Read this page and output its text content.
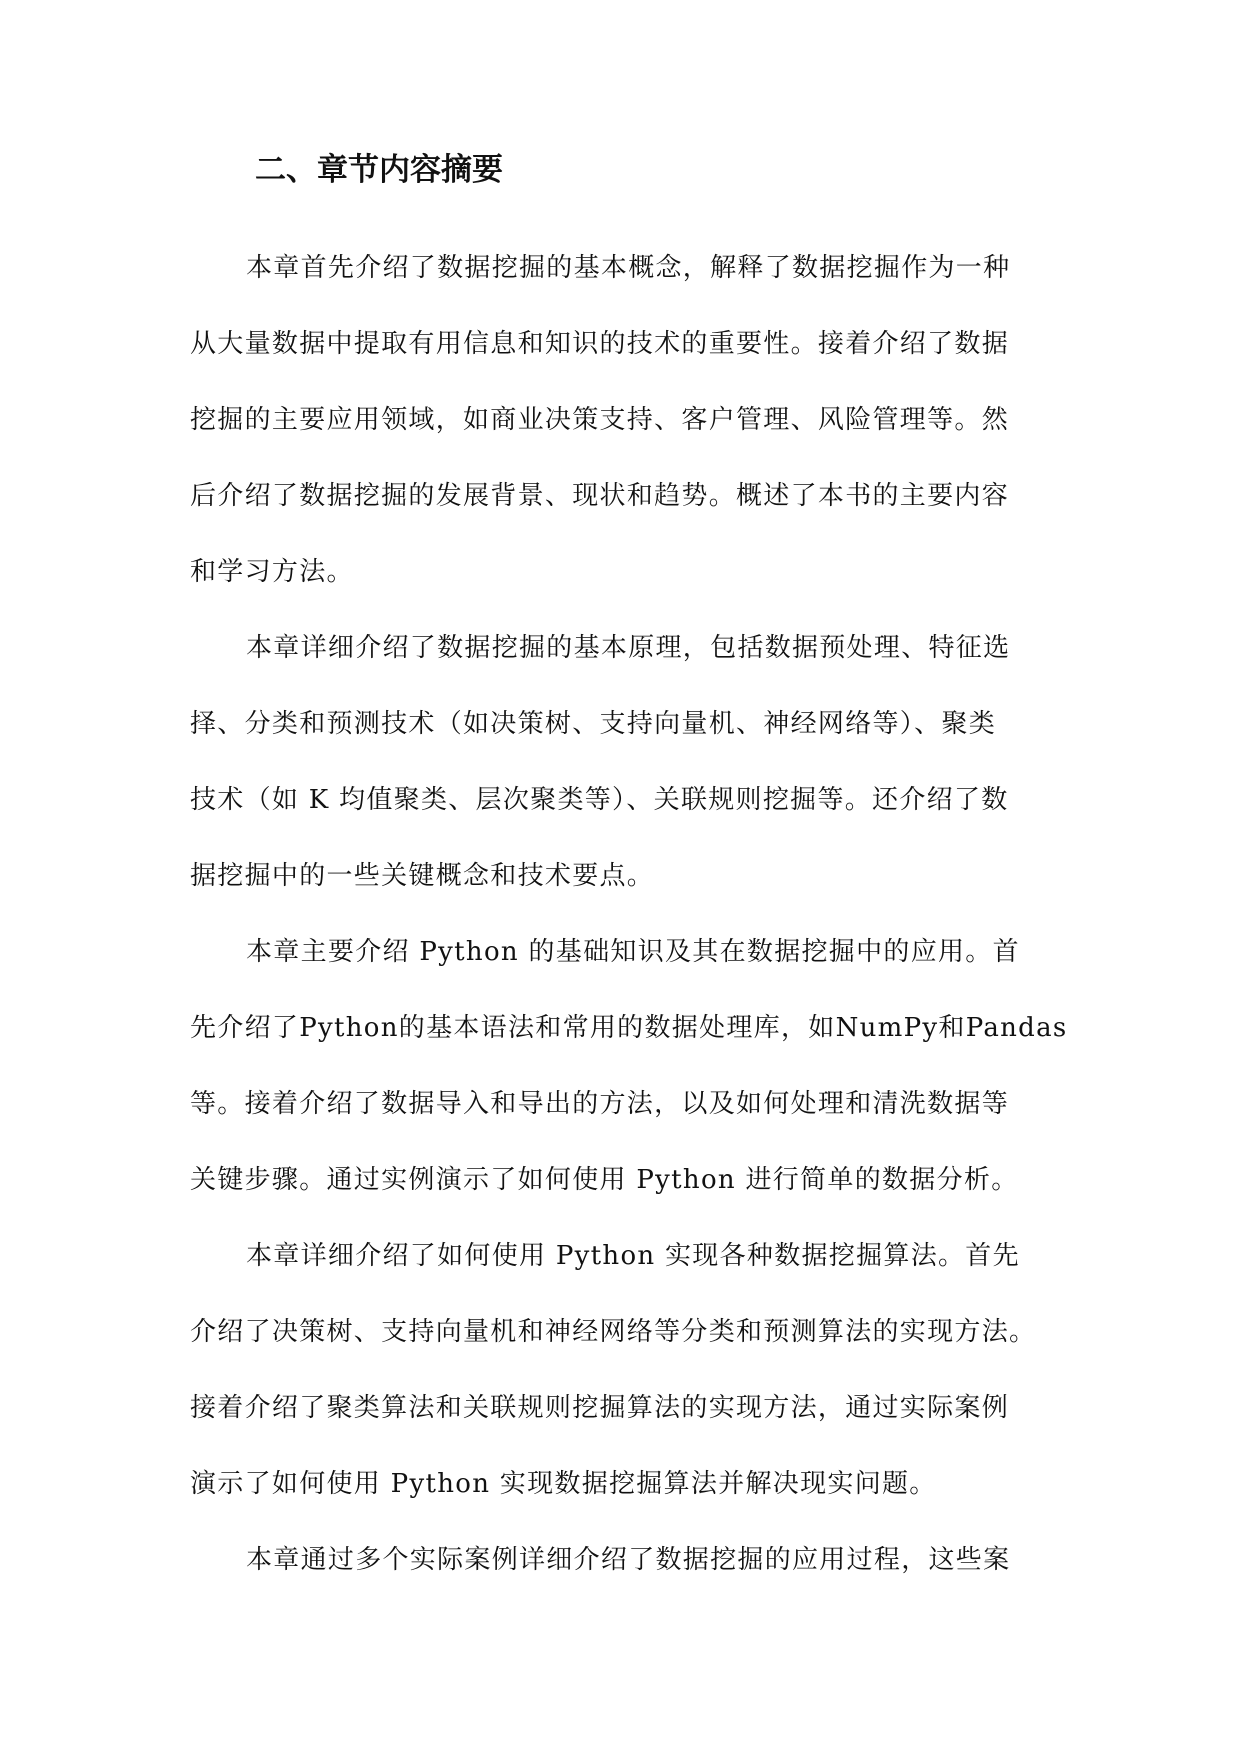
二、章节内容摘要
本章首先介绍了数据挖掘的基本概念，解释了数据挖掘作为一种
从大量数据中提取有用信息和知识的技术的重要性。接着介绍了数据
挖掘的主要应用领域，如商业决策支持、客户管理、风险管理等。然
后介绍了数据挖掘的发展背景、现状和趋势。概述了本书的主要内容
和学习方法。
本章详细介绍了数据挖掘的基本原理，包括数据预处理、特征选
择、分类和预测技术（如决策树、支持向量机、神经网络等）、聚类
技术（如 K 均值聚类、层次聚类等）、关联规则挖掘等。还介绍了数
据挖掘中的一些关键概念和技术要点。
本章主要介绍 Python 的基础知识及其在数据挖掘中的应用。首
先介绍了Python的基本语法和常用的数据处理库，如NumPy和Pandas
等。接着介绍了数据导入和导出的方法，以及如何处理和清洗数据等
关键步骤。通过实例演示了如何使用 Python 进行简单的数据分析。
本章详细介绍了如何使用 Python 实现各种数据挖掘算法。首先
介绍了决策树、支持向量机和神经网络等分类和预测算法的实现方法。
接着介绍了聚类算法和关联规则挖掘算法的实现方法，通过实际案例
演示了如何使用 Python 实现数据挖掘算法并解决现实问题。
本章通过多个实际案例详细介绍了数据挖掘的应用过程，这些案
